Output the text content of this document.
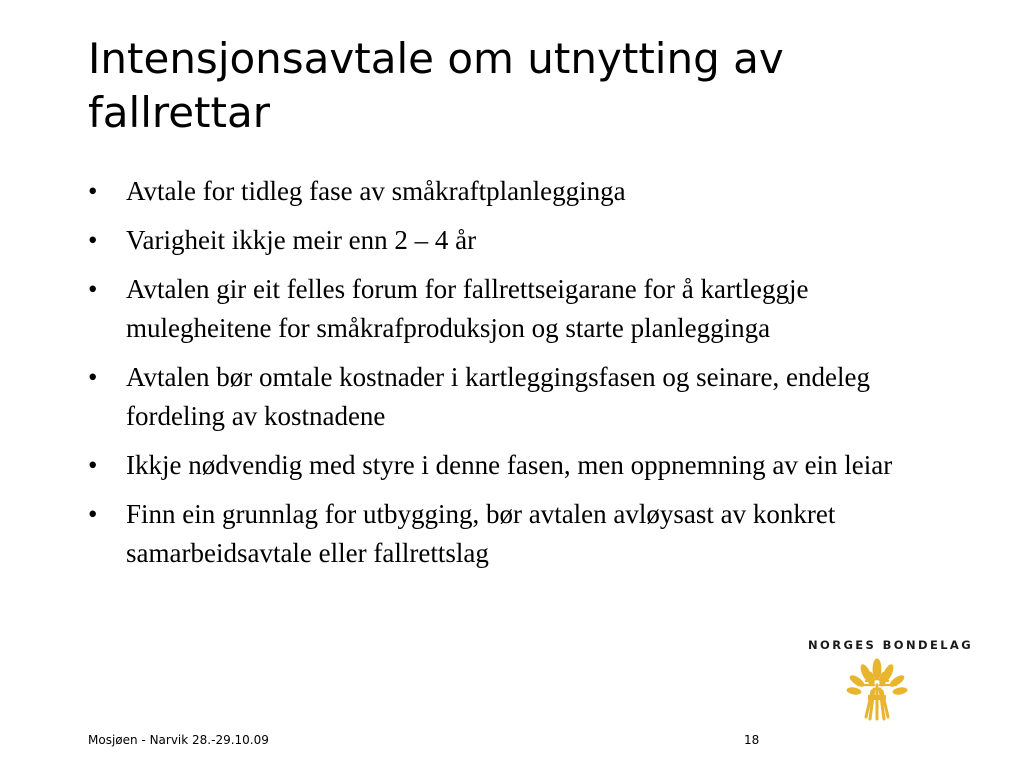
Intensjonsavtale om utnytting av fallrettar
•	Avtale for tidleg fase av småkraftplanlegginga
•	Varigheit ikkje meir enn 2 – 4 år
•	Avtalen gir eit felles forum for fallrettseigarane for å kartleggje mulegheitene for småkrafproduksjon og starte planlegginga
•	Avtalen bør omtale kostnader i kartleggingsfasen og seinare, endeleg fordeling av kostnadene
•	Ikkje nødvendig med styre i denne fasen, men oppnemning av ein leiar
•	Finn ein grunnlag for utbygging, bør avtalen avløysast av konkret samarbeidsavtale eller fallrettslag
NORGES BONDELAG
Mosjøen - Narvik 28.-29.10.09	18
